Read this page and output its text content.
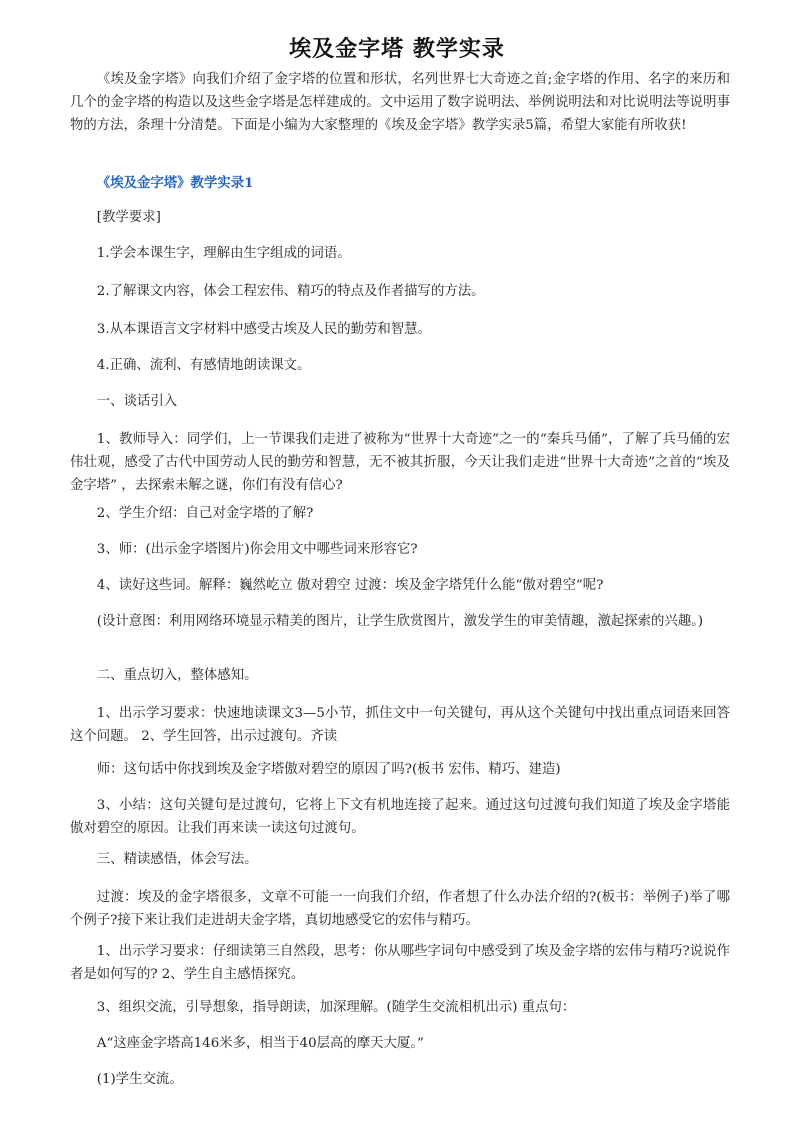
埃及金字塔 教学实录

《埃及金字塔》向我们介绍了金字塔的位置和形状，名列世界七大奇迹之首;金字塔的作用、名字的来历和几个的金字塔的构造以及这些金字塔是怎样建成的。文中运用了数字说明法、举例说明法和对比说明法等说明事物的方法，条理十分清楚。下面是小编为大家整理的《埃及金字塔》教学实录5篇，希望大家能有所收获!

《埃及金字塔》教学实录1

[教学要求]

1.学会本课生字，理解由生字组成的词语。

2.了解课文内容，体会工程宏伟、精巧的特点及作者描写的方法。

3.从本课语言文字材料中感受古埃及人民的勤劳和智慧。

4.正确、流利、有感情地朗读课文。

一、谈话引入

1、教师导入：同学们，上一节课我们走进了被称为“世界十大奇迹”之一的“秦兵马俑”，了解了兵马俑的宏伟壮观，感受了古代中国劳动人民的勤劳和智慧，无不被其折服，今天让我们走进“世界十大奇迹”之首的“埃及金字塔” ，去探索未解之谜，你们有没有信心?

2、学生介绍：自己对金字塔的了解?

3、师：(出示金字塔图片)你会用文中哪些词来形容它?

4、读好这些词。解释：巍然屹立 傲对碧空 过渡：埃及金字塔凭什么能“傲对碧空”呢?

(设计意图：利用网络环境显示精美的图片，让学生欣赏图片，激发学生的审美情趣，激起探索的兴趣。)

二、重点切入，整体感知。

1、出示学习要求：快速地读课文3—5小节，抓住文中一句关键句，再从这个关键句中找出重点词语来回答这个问题。 2、学生回答，出示过渡句。齐读

师：这句话中你找到埃及金字塔傲对碧空的原因了吗?(板书 宏伟、精巧、建造)

3、小结：这句关键句是过渡句，它将上下文有机地连接了起来。通过这句过渡句我们知道了埃及金字塔能傲对碧空的原因。让我们再来读一读这句过渡句。

三、精读感悟，体会写法。

过渡：埃及的金字塔很多，文章不可能一一向我们介绍，作者想了什么办法介绍的?(板书：举例子)举了哪个例子?接下来让我们走进胡夫金字塔，真切地感受它的宏伟与精巧。

1、出示学习要求：仔细读第三自然段，思考：你从哪些字词句中感受到了埃及金字塔的宏伟与精巧?说说作者是如何写的? 2、学生自主感悟探究。

3、组织交流，引导想象，指导朗读，加深理解。(随学生交流相机出示) 重点句：

A“这座金字塔高146米多，相当于40层高的摩天大厦。”

(1)学生交流。
